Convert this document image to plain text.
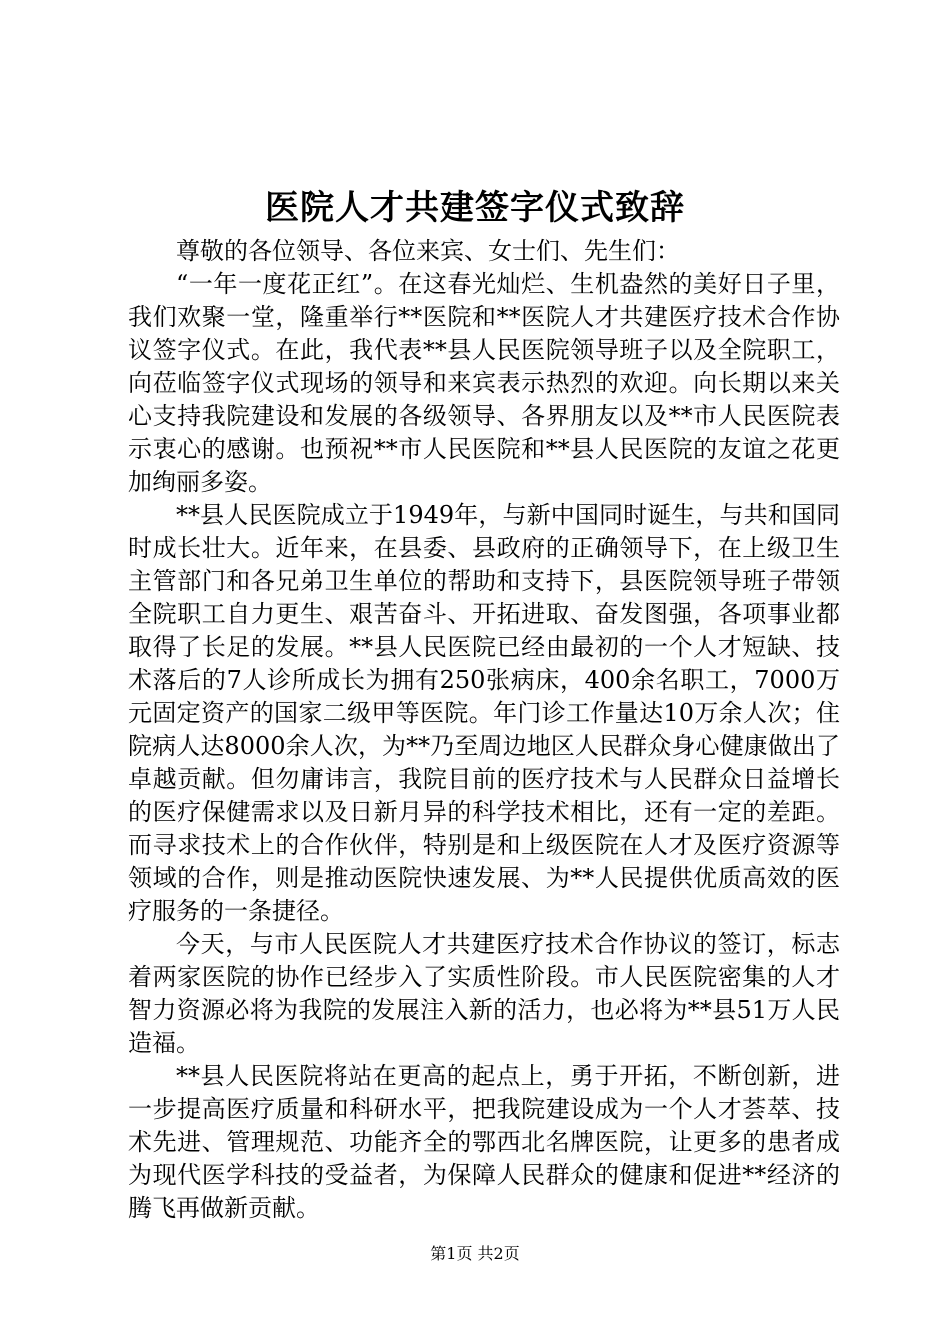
医院人才共建签字仪式致辞

尊敬的各位领导、各位来宾、女士们、先生们：

“一年一度花正红”。在这春光灿烂、生机盎然的美好日子里，我们欢聚一堂，隆重举行**医院和**医院人才共建医疗技术合作协议签字仪式。在此，我代表**县人民医院领导班子以及全院职工，向莅临签字仪式现场的领导和来宾表示热烈的欢迎。向长期以来关心支持我院建设和发展的各级领导、各界朋友以及**市人民医院表示衷心的感谢。也预祝**市人民医院和**县人民医院的友谊之花更加绚丽多姿。

**县人民医院成立于1949年，与新中国同时诞生，与共和国同时成长壮大。近年来，在县委、县政府的正确领导下，在上级卫生主管部门和各兄弟卫生单位的帮助和支持下，县医院领导班子带领全院职工自力更生、艰苦奋斗、开拓进取、奋发图强，各项事业都取得了长足的发展。**县人民医院已经由最初的一个人才短缺、技术落后的7人诊所成长为拥有250张病床，400余名职工，7000万元固定资产的国家二级甲等医院。年门诊工作量达10万余人次；住院病人达8000余人次，为**乃至周边地区人民群众身心健康做出了卓越贡献。但勿庸讳言，我院目前的医疗技术与人民群众日益增长的医疗保健需求以及日新月异的科学技术相比，还有一定的差距。而寻求技术上的合作伙伴，特别是和上级医院在人才及医疗资源等领域的合作，则是推动医院快速发展、为**人民提供优质高效的医疗服务的一条捷径。

今天，与市人民医院人才共建医疗技术合作协议的签订，标志着两家医院的协作已经步入了实质性阶段。市人民医院密集的人才智力资源必将为我院的发展注入新的活力，也必将为**县51万人民造福。

**县人民医院将站在更高的起点上，勇于开拓，不断创新，进一步提高医疗质量和科研水平，把我院建设成为一个人才荟萃、技术先进、管理规范、功能齐全的鄂西北名牌医院，让更多的患者成为现代医学科技的受益者，为保障人民群众的健康和促进**经济的腾飞再做新贡献。

第1页 共2页
